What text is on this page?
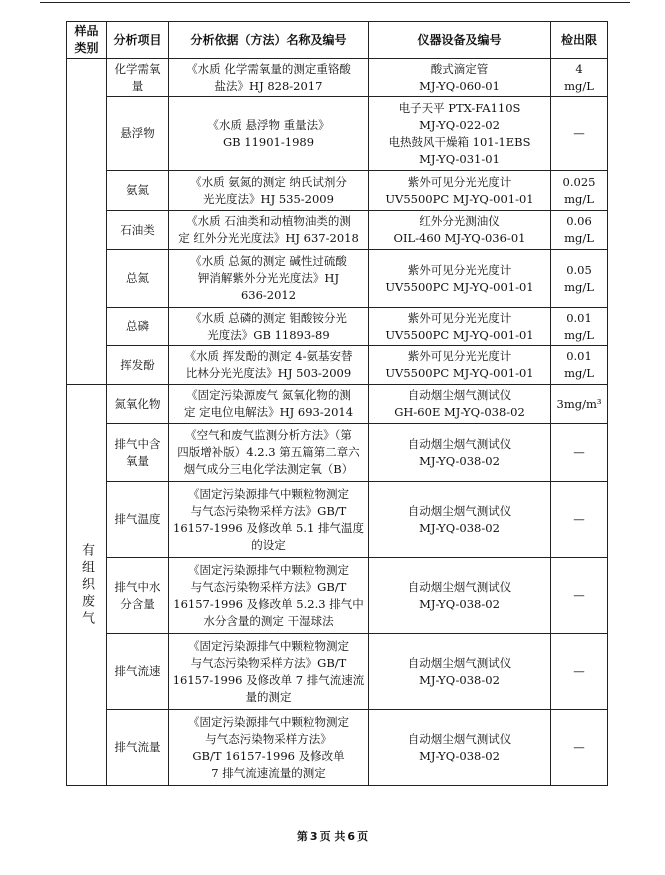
样品类别	分析项目	分析依据（方法）名称及编号	仪器设备及编号	检出限
	化学需氧量	《水质 化学需氧量的测定重铬酸
盐法》HJ 828-2017	酸式滴定管
MJ-YQ-060-01	4
mg/L

	悬浮物	《水质 悬浮物 重量法》
GB 11901-1989	电子天平 PTX-FA110S
MJ-YQ-022-02
电热鼓风干燥箱 101-1EBS
MJ-YQ-031-01	—

	氨氮	《水质 氨氮的测定 纳氏试剂分
光光度法》HJ 535-2009	紫外可见分光光度计
UV5500PC MJ-YQ-001-01	0.025
mg/L

	石油类	《水质 石油类和动植物油类的测
定 红外分光光度法》HJ 637-2018	红外分光测油仪
OIL-460 MJ-YQ-036-01	0.06
mg/L

	总氮	《水质 总氮的测定 碱性过硫酸
钾消解紫外分光光度法》HJ
636-2012	紫外可见分光光度计
UV5500PC MJ-YQ-001-01	0.05
mg/L

	总磷	《水质 总磷的测定 钼酸铵分光
光度法》GB 11893-89	紫外可见分光光度计
UV5500PC MJ-YQ-001-01	0.01
mg/L

	挥发酚	《水质 挥发酚的测定 4-氨基安替
比林分光光度法》HJ 503-2009	紫外可见分光光度计
UV5500PC MJ-YQ-001-01	0.01
mg/L

有组织废气	氮氧化物	《固定污染源废气 氮氧化物的测
定 定电位电解法》HJ 693-2014	自动烟尘烟气测试仪
GH-60E MJ-YQ-038-02	3mg/m³

	排气中含氧量	《空气和废气监测分析方法》（第
四版增补版）4.2.3 第五篇第二章六
烟气成分三电化学法测定氧（B）	自动烟尘烟气测试仪
MJ-YQ-038-02	—

	排气温度	《固定污染源排气中颗粒物测定
与气态污染物采样方法》GB/T
16157-1996 及修改单 5.1 排气温度
的设定	自动烟尘烟气测试仪
MJ-YQ-038-02	—

	排气中水分含量	《固定污染源排气中颗粒物测定
与气态污染物采样方法》GB/T
16157-1996 及修改单 5.2.3 排气中
水分含量的测定 干湿球法	自动烟尘烟气测试仪
MJ-YQ-038-02	—

	排气流速	《固定污染源排气中颗粒物测定
与气态污染物采样方法》GB/T
16157-1996 及修改单 7 排气流速流
量的测定	自动烟尘烟气测试仪
MJ-YQ-038-02	—

	排气流量	《固定污染源排气中颗粒物测定
与气态污染物采样方法》
GB/T 16157-1996 及修改单
7 排气流速流量的测定	自动烟尘烟气测试仪
MJ-YQ-038-02	—
第 3 页 共 6 页
